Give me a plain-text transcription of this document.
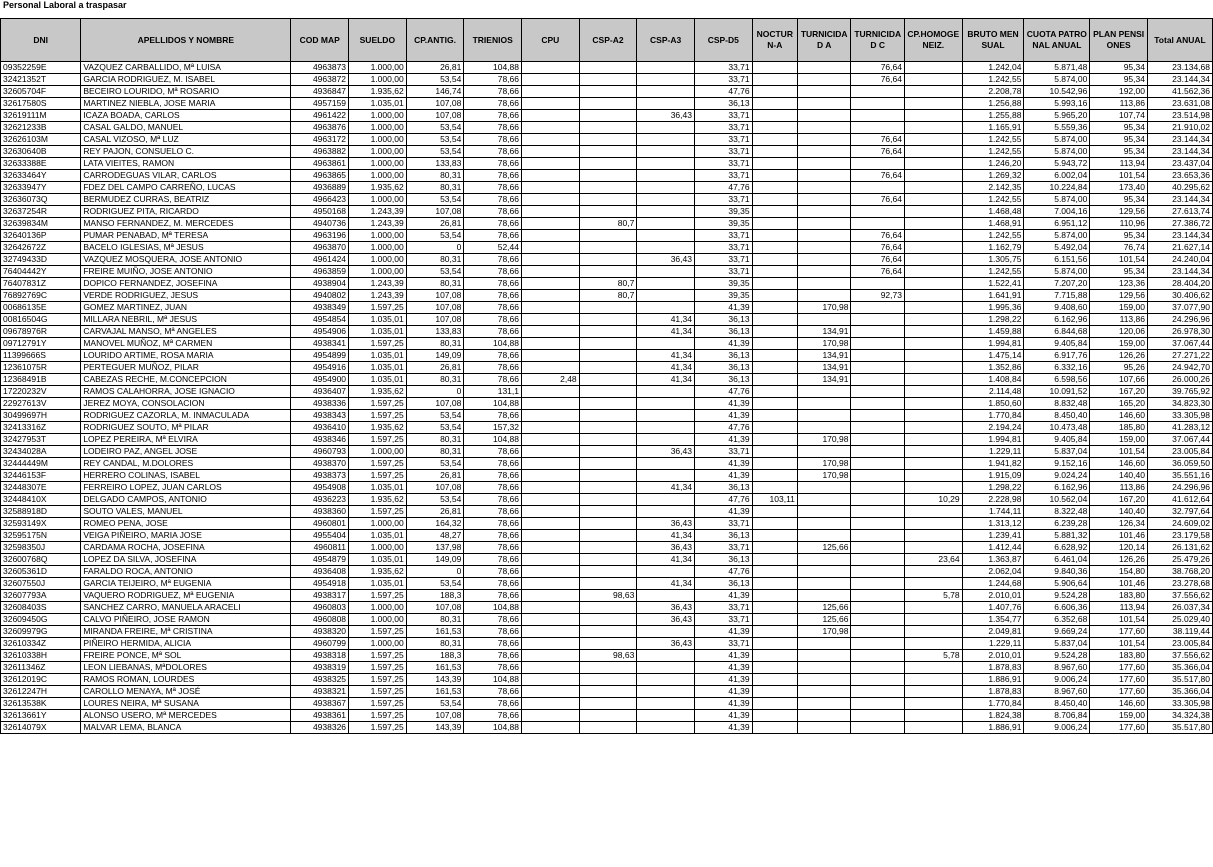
Personal Laboral a traspasar
DNI	APELLIDOS Y NOMBRE	COD MAP	SUELDO	CP.ANTIG.	TRIENIOS	CPU	CSP-A2	CSP-A3	CSP-D5	NOCTURN-A	TURNICIDAD A	TURNICIDAD C	CP.HOMOGENEIZ.	BRUTO MENSUAL	CUOTA PATRONAL ANUAL	PLAN PENSIONES	Total ANUAL
09352259E	VAZQUEZ CARBALLIDO, Mª LUISA	4963873	1.000,00	26,81	104,88				33,71			76,64		1.242,04	5.871,48	95,34	23.134,68
32421352T	GARCIA RODRIGUEZ, M. ISABEL	4963872	1.000,00	53,54	78,66				33,71			76,64		1.242,55	5.874,00	95,34	23.144,34
32605704F	BECEIRO LOURIDO, Mª ROSARIO	4936847	1.935,62	146,74	78,66				47,76					2.208,78	10.542,96	192,00	41.562,36
32617580S	MARTINEZ NIEBLA, JOSE MARIA	4957159	1.035,01	107,08	78,66				36,13					1.256,88	5.993,16	113,86	23.631,08
32619111M	ICAZA BOADA, CARLOS	4961422	1.000,00	107,08	78,66			36,43	33,71					1.255,88	5.965,20	107,74	23.514,98
32621233B	CASAL GALDO, MANUEL	4963876	1.000,00	53,54	78,66				33,71					1.165,91	5.559,36	95,34	21.910,02
32626103M	CASAL VIZOSO, Mª LUZ	4963172	1.000,00	53,54	78,66				33,71			76,64		1.242,55	5.874,00	95,34	23.144,34
32630640B	REY PAJON, CONSUELO C.	4963882	1.000,00	53,54	78,66				33,71			76,64		1.242,55	5.874,00	95,34	23.144,34
32633388E	LATA VIEITES, RAMON	4963861	1.000,00	133,83	78,66				33,71					1.246,20	5.943,72	113,94	23.437,04
32633464Y	CARRODEGUAS VILAR, CARLOS	4963865	1.000,00	80,31	78,66				33,71			76,64		1.269,32	6.002,04	101,54	23.653,36
32633947Y	FDEZ DEL CAMPO CARREÑO, LUCAS	4936889	1.935,62	80,31	78,66				47,76					2.142,35	10.224,84	173,40	40.295,62
32636073Q	BERMUDEZ CURRAS, BEATRIZ	4966423	1.000,00	53,54	78,66				33,71			76,64		1.242,55	5.874,00	95,34	23.144,34
32637254R	RODRIGUEZ PITA, RICARDO	4950168	1.243,39	107,08	78,66				39,35					1.468,48	7.004,16	129,56	27.613,74
32639834M	MANSO FERNANDEZ, M. MERCEDES	4940736	1.243,39	26,81	78,66		80,7		39,35					1.468,91	6.951,12	110,96	27.386,72
32640136P	PUMAR PENABAD, Mª TERESA	4963196	1.000,00	53,54	78,66				33,71			76,64		1.242,55	5.874,00	95,34	23.144,34
32642672Z	BACELO IGLESIAS, Mª JESUS	4963870	1.000,00	0	52,44				33,71			76,64		1.162,79	5.492,04	76,74	21.627,14
32749433D	VAZQUEZ MOSQUERA, JOSE ANTONIO	4961424	1.000,00	80,31	78,66			36,43	33,71			76,64		1.305,75	6.151,56	101,54	24.240,04
76404442Y	FREIRE MUIÑO, JOSE ANTONIO	4963859	1.000,00	53,54	78,66				33,71			76,64		1.242,55	5.874,00	95,34	23.144,34
76407831Z	DOPICO FERNANDEZ, JOSEFINA	4938904	1.243,39	80,31	78,66		80,7		39,35					1.522,41	7.207,20	123,36	28.404,20
76892769C	VERDE RODRIGUEZ, JESUS	4940802	1.243,39	107,08	78,66		80,7		39,35			92,73		1.641,91	7.715,88	129,56	30.406,62
00686135E	GOMEZ MARTINEZ, JUAN	4938349	1.597,25	107,08	78,66				41,39		170,98			1.995,36	9.408,60	159,00	37.077,90
00816504G	MILLARA NEBRIL, Mª JESUS	4954854	1.035,01	107,08	78,66			41,34	36,13					1.298,22	6.162,96	113,86	24.296,96
09678976R	CARVAJAL MANSO, Mª ANGELES	4954906	1.035,01	133,83	78,66			41,34	36,13		134,91			1.459,88	6.844,68	120,06	26.978,30
09712791Y	MANOVEL MUÑOZ, Mª CARMEN	4938341	1.597,25	80,31	104,88				41,39		170,98			1.994,81	9.405,84	159,00	37.067,44
11399666S	LOURIDO ARTIME, ROSA MARIA	4954899	1.035,01	149,09	78,66			41,34	36,13		134,91			1.475,14	6.917,76	126,26	27.271,22
12361075R	PERTEGUER MUÑOZ, PILAR	4954916	1.035,01	26,81	78,66			41,34	36,13		134,91			1.352,86	6.332,16	95,26	24.942,70
12368491B	CABEZAS RECHE, M.CONCEPCION	4954900	1.035,01	80,31	78,66	2,48		41,34	36,13		134,91			1.408,84	6.598,56	107,66	26.000,26
17220232V	RAMOS CALAHORRA, JOSE IGNACIO	4936407	1.935,62	0	131,1				47,76					2.114,48	10.091,52	167,20	39.765,92
22927613V	JEREZ MOYA, CONSOLACION	4938336	1.597,25	107,08	104,88				41,39					1.850,60	8.832,48	165,20	34.823,30
30499697H	RODRIGUEZ CAZORLA, M. INMACULADA	4938343	1.597,25	53,54	78,66				41,39					1.770,84	8.450,40	146,60	33.305,98
32413316Z	RODRIGUEZ SOUTO, Mª PILAR	4936410	1.935,62	53,54	157,32				47,76					2.194,24	10.473,48	185,80	41.283,12
32427953T	LOPEZ PEREIRA, Mª ELVIRA	4938346	1.597,25	80,31	104,88				41,39		170,98			1.994,81	9.405,84	159,00	37.067,44
32434028A	LODEIRO PAZ, ANGEL JOSE	4960793	1.000,00	80,31	78,66			36,43	33,71					1.229,11	5.837,04	101,54	23.005,84
32444449M	REY CANDAL, M.DOLORES	4938370	1.597,25	53,54	78,66				41,39		170,98			1.941,82	9.152,16	146,60	36.059,50
32446153F	HERRERO COLINAS, ISABEL	4938373	1.597,25	26,81	78,66				41,39		170,98			1.915,09	9.024,24	140,40	35.551,16
32448307E	FERREIRO LOPEZ, JUAN CARLOS	4954908	1.035,01	107,08	78,66			41,34	36,13					1.298,22	6.162,96	113,86	24.296,96
32448410X	DELGADO CAMPOS, ANTONIO	4936223	1.935,62	53,54	78,66				47,76	103,11			10,29	2.228,98	10.562,04	167,20	41.612,64
32588918D	SOUTO VALES, MANUEL	4938360	1.597,25	26,81	78,66				41,39					1.744,11	8.322,48	140,40	32.797,64
32593149X	ROMEO PENA, JOSE	4960801	1.000,00	164,32	78,66			36,43	33,71					1.313,12	6.239,28	126,34	24.609,02
32595175N	VEIGA PIÑEIRO, MARIA JOSE	4955404	1.035,01	48,27	78,66			41,34	36,13					1.239,41	5.881,32	101,46	23.179,58
32598350J	CARDAMA ROCHA, JOSEFINA	4960811	1.000,00	137,98	78,66			36,43	33,71		125,66			1.412,44	6.628,92	120,14	26.131,62
32600768Q	LOPEZ DA SILVA, JOSEFINA	4954879	1.035,01	149,09	78,66			41,34	36,13				23,64	1.363,87	6.461,04	126,26	25.479,26
32605361D	FARALDO ROCA, ANTONIO	4936408	1.935,62	0	78,66				47,76					2.062,04	9.840,36	154,80	38.768,20
32607550J	GARCIA TEIJEIRO, Mª EUGENIA	4954918	1.035,01	53,54	78,66			41,34	36,13					1.244,68	5.906,64	101,46	23.278,68
32607793A	VAQUERO RODRIGUEZ, Mª EUGENIA	4938317	1.597,25	188,3	78,66		98,63		41,39				5,78	2.010,01	9.524,28	183,80	37.556,62
32608403S	SANCHEZ CARRO, MANUELA ARACELI	4960803	1.000,00	107,08	104,88			36,43	33,71		125,66			1.407,76	6.606,36	113,94	26.037,34
32609450G	CALVO PIÑEIRO, JOSE RAMON	4960808	1.000,00	80,31	78,66			36,43	33,71		125,66			1.354,77	6.352,68	101,54	25.029,40
32609979G	MIRANDA FREIRE, Mª CRISTINA	4938320	1.597,25	161,53	78,66				41,39		170,98			2.049,81	9.669,24	177,60	38.119,44
32610334Z	PIÑEIRO HERMIDA, ALICIA	4960799	1.000,00	80,31	78,66			36,43	33,71					1.229,11	5.837,04	101,54	23.005,84
32610338H	FREIRE PONCE, Mª SOL	4938318	1.597,25	188,3	78,66		98,63		41,39				5,78	2.010,01	9.524,28	183,80	37.556,62
32611346Z	LEON LIEBANAS, MªDOLORES	4938319	1.597,25	161,53	78,66				41,39					1.878,83	8.967,60	177,60	35.366,04
32612019C	RAMOS ROMAN, LOURDES	4938325	1.597,25	143,39	104,88				41,39					1.886,91	9.006,24	177,60	35.517,80
32612247H	CAROLLO MENAYA, Mª JOSÉ	4938321	1.597,25	161,53	78,66				41,39					1.878,83	8.967,60	177,60	35.366,04
32613538K	LOURES NEIRA, Mª SUSANA	4938367	1.597,25	53,54	78,66				41,39					1.770,84	8.450,40	146,60	33.305,98
32613661Y	ALONSO USERO, Mª MERCEDES	4938361	1.597,25	107,08	78,66				41,39					1.824,38	8.706,84	159,00	34.324,38
32614079X	MALVAR LEMA, BLANCA	4938326	1.597,25	143,39	104,88				41,39					1.886,91	9.006,24	177,60	35.517,80
